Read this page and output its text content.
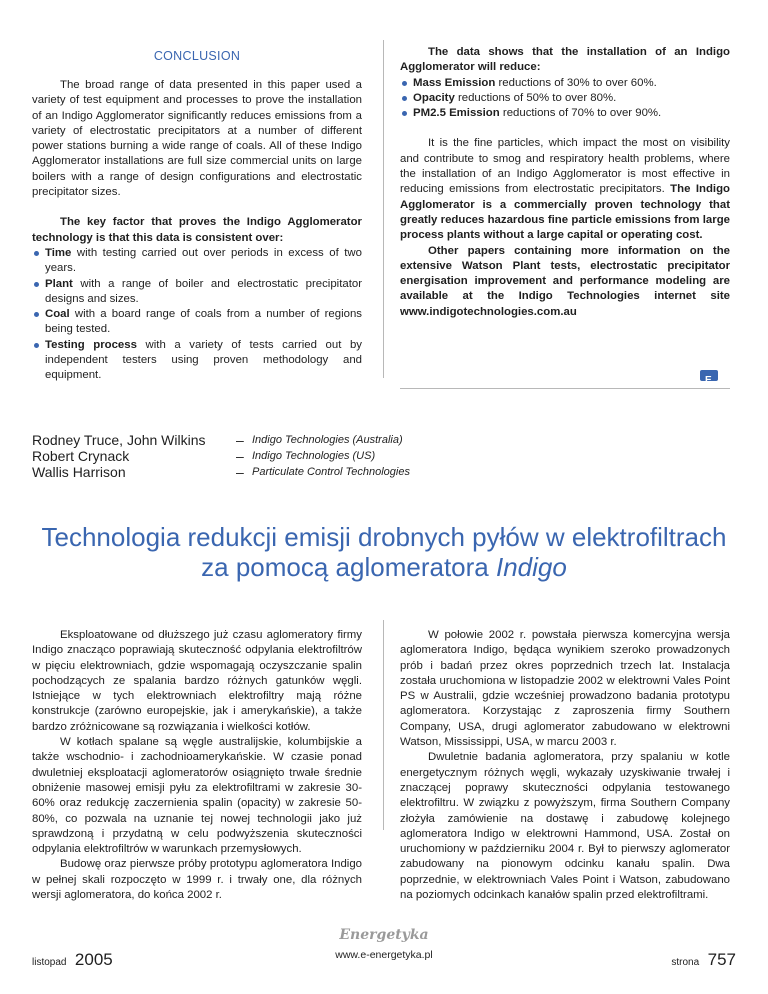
CONCLUSION

The broad range of data presented in this paper used a variety of test equipment and processes to prove the installation of an Indigo Agglomerator significantly reduces emissions from a variety of electrostatic precipitators at a number of different power stations burning a wide range of coals. All of these Indigo Agglomerator installations are full size commercial units on large boilers with a range of design configurations and electrostatic precipitator sizes.

The key factor that proves the Indigo Agglomerator technology is that this data is consistent over:

Time with testing carried out over periods in excess of two years.
Plant with a range of boiler and electrostatic precipitator designs and sizes.
Coal with a board range of coals from a number of regions being tested.
Testing process with a variety of tests carried out by independent testers using proven methodology and equipment.

The data shows that the installation of an Indigo Agglomerator will reduce:

Mass Emission reductions of 30% to over 60%.
Opacity reductions of 50% to over 80%.
PM2.5 Emission reductions of 70% to over 90%.

It is the fine particles, which impact the most on visibility and contribute to smog and respiratory health problems, where the installation of an Indigo Agglomerator is most effective in reducing emissions from electrostatic precipitators. The Indigo Agglomerator is a commercially proven technology that greatly reduces hazardous fine particle emissions from large process plants without a large capital or operating cost.

Other papers containing more information on the extensive Watson Plant tests, electrostatic precipitator energisation improvement and performance modeling are available at the Indigo Technologies internet site www.indigotechnologies.com.au

E
Rodney Truce, John Wilkins – Indigo Technologies (Australia)
Robert Crynack	– Indigo Technologies (US)
Wallis Harrison	– Particulate Control Technologies
Technologia redukcji emisji drobnych pyłów w elektrofiltrach
za pomocą aglomeratora Indigo

Eksploatowane od dłuższego już czasu aglomeratory firmy Indigo znacząco poprawiają skuteczność odpylania elektrofiltrów w pięciu elektrowniach, gdzie wspomagają oczyszczanie spalin pochodzących ze spalania bardzo różnych gatunków węgli. Istniejące w tych elektrowniach elektrofiltry mają różne konstrukcje (zarówno europejskie, jak i amerykańskie), a także bardzo zróżnicowane są rozwiązania i wielkości kotłów.

W kotłach spalane są węgle australijskie, kolumbijskie a także wschodnio- i zachodnioamerykańskie. W czasie ponad dwuletniej eksploatacji aglomeratorów osiągnięto trwałe średnie obniżenie masowej emisji pyłu za elektrofiltrami w zakresie 30-60% oraz redukcję zaczernienia spalin (opacity) w zakresie 50-80%, co pozwala na uznanie tej nowej technologii jako już sprawdzoną i przydatną w celu podwyższenia skuteczności odpylania elektrofiltrów w warunkach przemysłowych.

Budowę oraz pierwsze próby prototypu aglomeratora Indigo w pełnej skali rozpoczęto w 1999 r. i trwały one, dla różnych wersji aglomeratora, do końca 2002 r.

W połowie 2002 r. powstała pierwsza komercyjna wersja aglomeratora Indigo, będąca wynikiem szeroko prowadzonych prób i badań przez okres poprzednich trzech lat. Instalacja została uruchomiona w listopadzie 2002 w elektrowni Vales Point PS w Australii, gdzie wcześniej prowadzono badania prototypu aglomeratora. Korzystając z zaproszenia firmy Southern Company, USA, drugi aglomerator zabudowano w elektrowni Watson, Mississippi, USA, w marcu 2003 r.

Dwuletnie badania aglomeratora, przy spalaniu w kotle energetycznym różnych węgli, wykazały uzyskiwanie trwałej i znaczącej poprawy skuteczności odpylania testowanego elektrofiltru. W związku z powyższym, firma Southern Company złożyła zamówienie na dostawę i zabudowę kolejnego aglomeratora Indigo w elektrowni Hammond, USA. Został on uruchomiony w październiku 2004 r. Był to pierwszy aglomerator zabudowany na pionowym odcinku kanału spalin. Dwa poprzednie, w elektrowniach Vales Point i Watson, zabudowano na poziomych odcinkach kanałów spalin przed elektrofiltrami.

listopad 2005
Energetyka
www.e-energetyka.pl
strona 757
